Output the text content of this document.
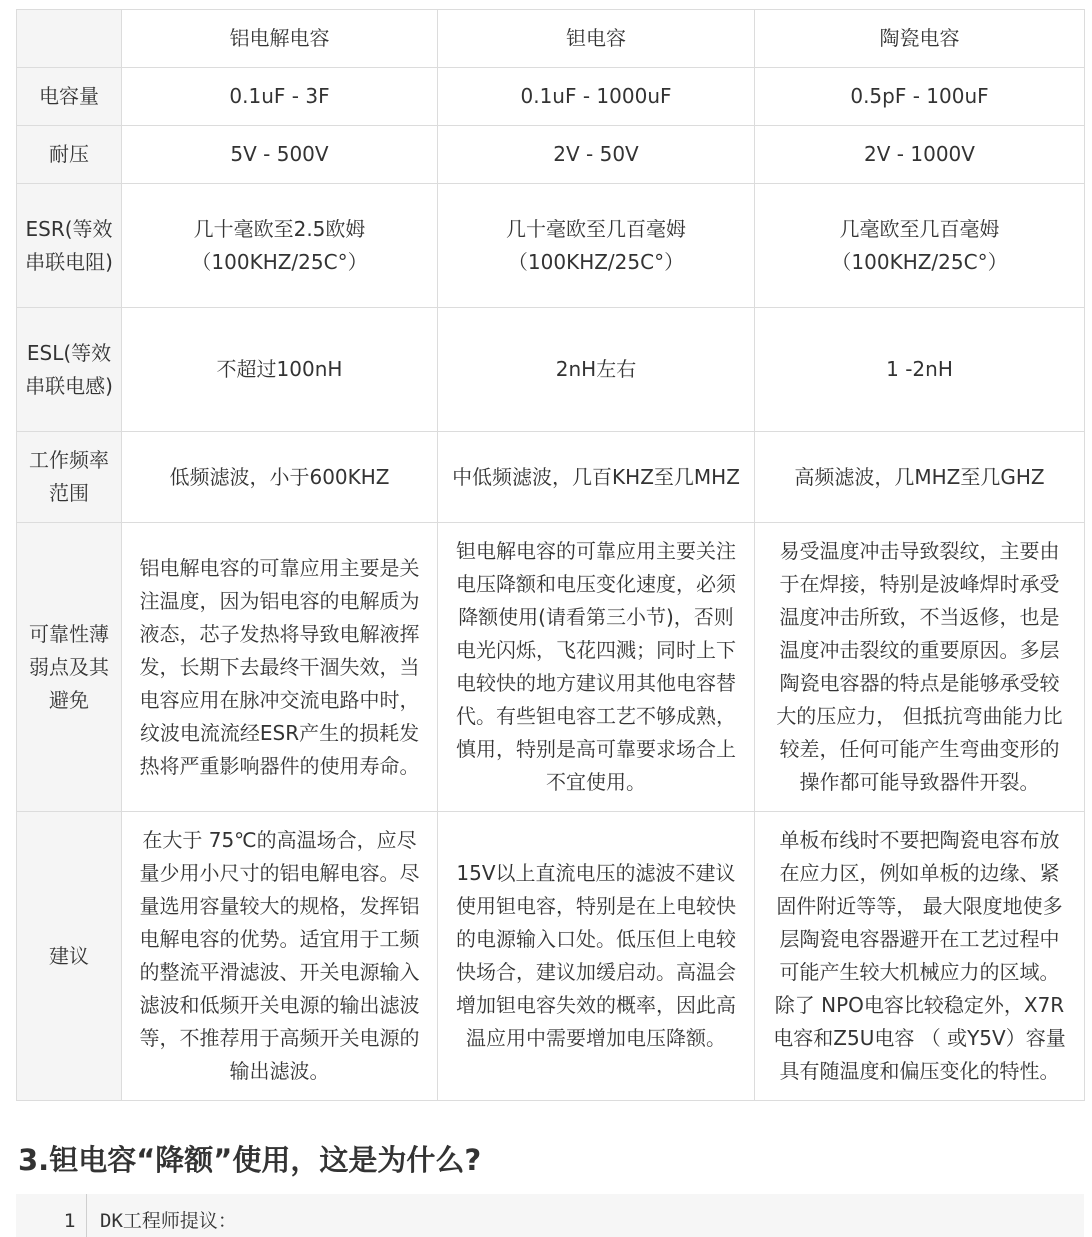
	铝电解电容	钽电容	陶瓷电容
电容量	0.1uF - 3F	0.1uF - 1000uF	0.5pF - 100uF
耐压	5V - 500V	2V - 50V	2V - 1000V
ESR(等效串联电阻)	几十毫欧至2.5欧姆（100KHZ/25C°）	几十毫欧至几百毫姆（100KHZ/25C°）	几毫欧至几百毫姆（100KHZ/25C°）
ESL(等效串联电感)	不超过100nH	2nH左右	1 -2nH
工作频率范围	低频滤波，小于600KHZ	中低频滤波，几百KHZ至几MHZ	高频滤波，几MHZ至几GHZ
可靠性薄弱点及其避免	铝电解电容的可靠应用主要是关注温度，因为铝电容的电解质为液态，芯子发热将导致电解液挥发，长期下去最终干涸失效，当电容应用在脉冲交流电路中时，纹波电流流经ESR产生的损耗发热将严重影响器件的使用寿命。	钽电解电容的可靠应用主要关注电压降额和电压变化速度，必须降额使用(请看第三小节)，否则电光闪烁，飞花四溅；同时上下电较快的地方建议用其他电容替代。有些钽电容工艺不够成熟，慎用，特别是高可靠要求场合上不宜使用。	易受温度冲击导致裂纹，主要由于在焊接，特别是波峰焊时承受温度冲击所致，不当返修，也是温度冲击裂纹的重要原因。多层陶瓷电容器的特点是能够承受较大的压应力， 但抵抗弯曲能力比较差，任何可能产生弯曲变形的操作都可能导致器件开裂。
建议	在大于 75℃的高温场合，应尽量少用小尺寸的铝电解电容。尽量选用容量较大的规格，发挥铝电解电容的优势。适宜用于工频的整流平滑滤波、开关电源输入滤波和低频开关电源的输出滤波等，不推荐用于高频开关电源的输出滤波。	15V以上直流电压的滤波不建议使用钽电容，特别是在上电较快的电源输入口处。低压但上电较快场合，建议加缓启动。高温会增加钽电容失效的概率，因此高温应用中需要增加电压降额。	单板布线时不要把陶瓷电容布放在应力区，例如单板的边缘、紧固件附近等等， 最大限度地使多层陶瓷电容器避开在工艺过程中可能产生较大机械应力的区域。除了 NPO电容比较稳定外，X7R电容和Z5U电容 （ 或Y5V）容量具有随温度和偏压变化的特性。
3.钽电容“降额”使用，这是为什么?
1 DK工程师提议：
